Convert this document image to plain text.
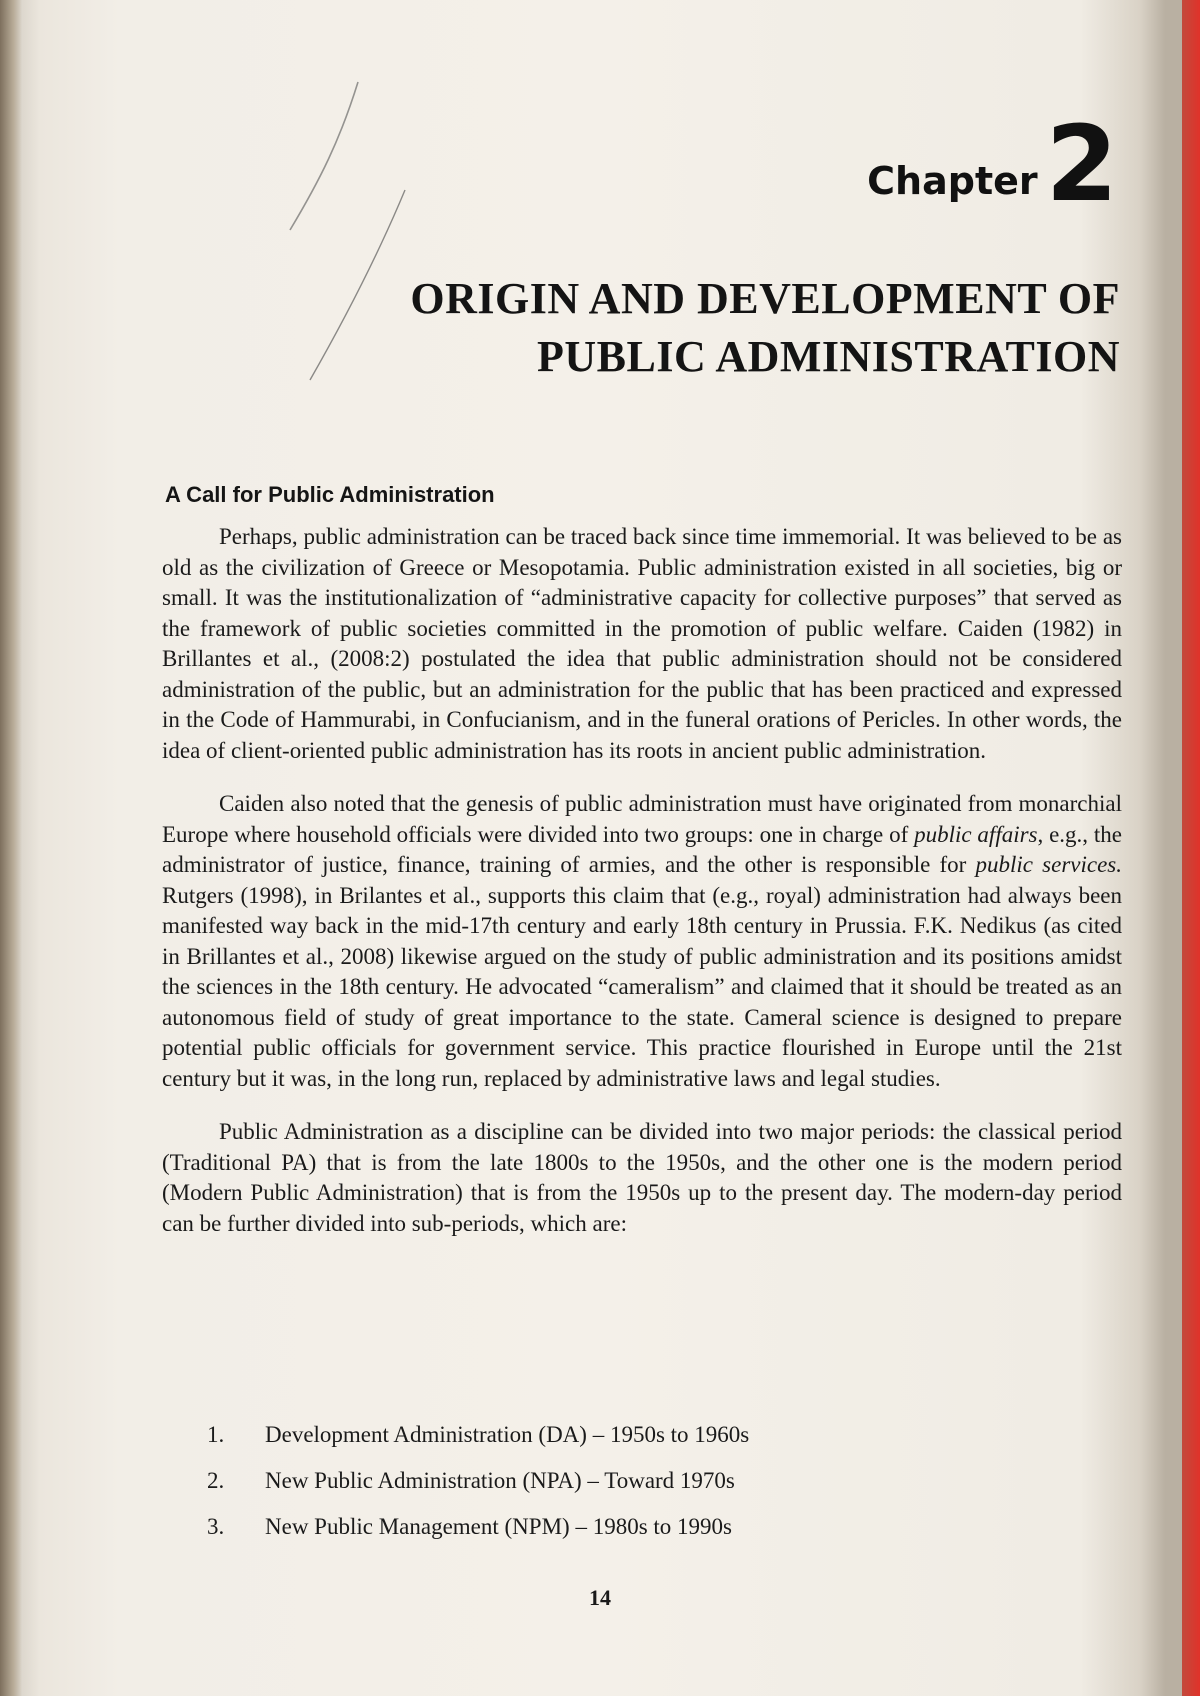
Chapter 2
ORIGIN AND DEVELOPMENT OF
PUBLIC ADMINISTRATION
A Call for Public Administration

Perhaps, public administration can be traced back since time immemorial. It was believed to be as old as the civilization of Greece or Mesopotamia. Public administration existed in all societies, big or small. It was the institutionalization of “administrative capacity for collective purposes” that served as the framework of public societies committed in the promotion of public welfare. Caiden (1982) in Brillantes et al., (2008:2) postulated the idea that public administration should not be considered administration of the public, but an administration for the public that has been practiced and expressed in the Code of Hammurabi, in Confucianism, and in the funeral orations of Pericles. In other words, the idea of client-oriented public administration has its roots in ancient public administration.

Caiden also noted that the genesis of public administration must have originated from monarchial Europe where household officials were divided into two groups: one in charge of public affairs, e.g., the administrator of justice, finance, training of armies, and the other is responsible for public services. Rutgers (1998), in Brilantes et al., supports this claim that (e.g., royal) administration had always been manifested way back in the mid-17th century and early 18th century in Prussia. F.K. Nedikus (as cited in Brillantes et al., 2008) likewise argued on the study of public administration and its positions amidst the sciences in the 18th century. He advocated “cameralism” and claimed that it should be treated as an autonomous field of study of great importance to the state. Cameral science is designed to prepare potential public officials for government service. This practice flourished in Europe until the 21st century but it was, in the long run, replaced by administrative laws and legal studies.

Public Administration as a discipline can be divided into two major periods: the classical period (Traditional PA) that is from the late 1800s to the 1950s, and the other one is the modern period (Modern Public Administration) that is from the 1950s up to the present day. The modern-day period can be further divided into sub-periods, which are:

1.	Development Administration (DA) – 1950s to 1960s
2.	New Public Administration (NPA) – Toward 1970s
3.	New Public Management (NPM) – 1980s to 1990s
14
